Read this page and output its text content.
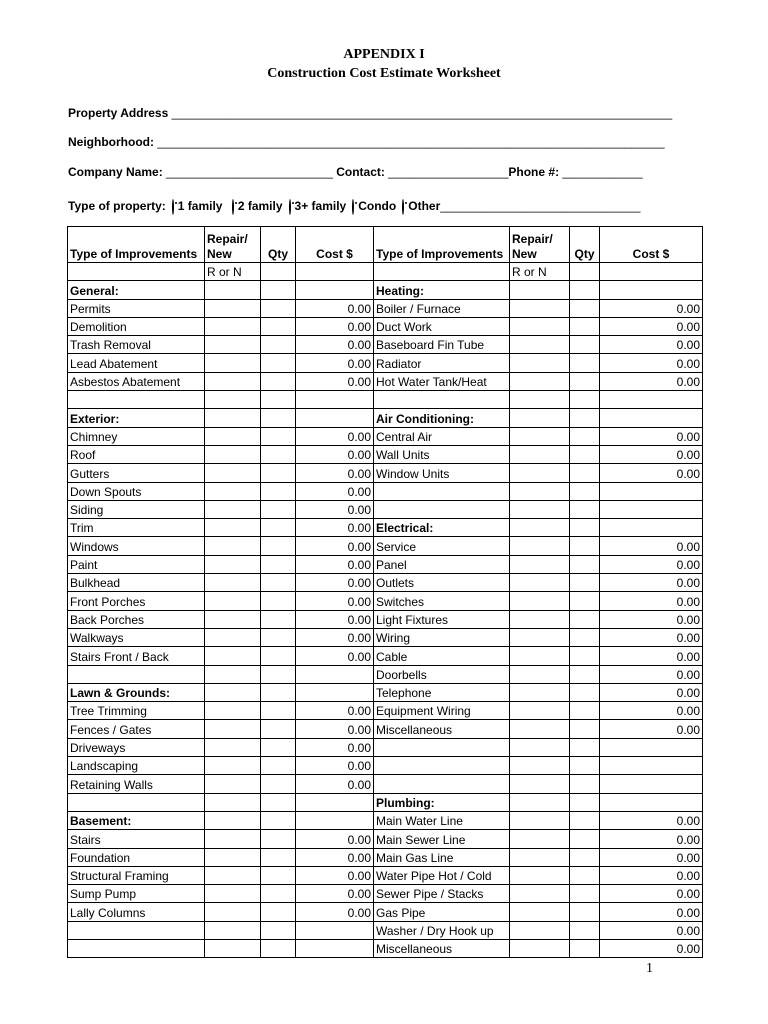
APPENDIX I
Construction Cost Estimate Worksheet
Property Address ___________________________________________________________________________
Neighborhood: ____________________________________________________________________________
Company Name: _________________________ Contact: __________________Phone #: ____________
Type of property: 1 family 2 family 3+ family Condo Other______________________________
Type of Improvements	Repair/ New	Qty	Cost $	Type of Improvements	Repair/ New	Qty	Cost $
	R or N				R or N		
General:				Heating:			
Permits			0.00	Boiler / Furnace			0.00
Demolition			0.00	Duct Work			0.00
Trash Removal			0.00	Baseboard Fin Tube			0.00
Lead Abatement			0.00	Radiator			0.00
Asbestos Abatement			0.00	Hot Water Tank/Heat			0.00

Exterior:				Air Conditioning:			
Chimney			0.00	Central Air			0.00
Roof			0.00	Wall Units			0.00
Gutters			0.00	Window Units			0.00
Down Spouts			0.00				
Siding			0.00				
Trim			0.00	Electrical:			
Windows			0.00	Service			0.00
Paint			0.00	Panel			0.00
Bulkhead			0.00	Outlets			0.00
Front Porches			0.00	Switches			0.00
Back Porches			0.00	Light Fixtures			0.00
Walkways			0.00	Wiring			0.00
Stairs Front / Back			0.00	Cable			0.00
				Doorbells			0.00
Lawn & Grounds:				Telephone			0.00
Tree Trimming			0.00	Equipment Wiring			0.00
Fences / Gates			0.00	Miscellaneous			0.00
Driveways			0.00				
Landscaping			0.00				
Retaining Walls			0.00				
				Plumbing:			
Basement:				Main Water Line			0.00
Stairs			0.00	Main Sewer Line			0.00
Foundation			0.00	Main Gas Line			0.00
Structural Framing			0.00	Water Pipe Hot / Cold			0.00
Sump Pump			0.00	Sewer Pipe / Stacks			0.00
Lally Columns			0.00	Gas Pipe			0.00
				Washer / Dry Hook up			0.00
				Miscellaneous			0.00
1
